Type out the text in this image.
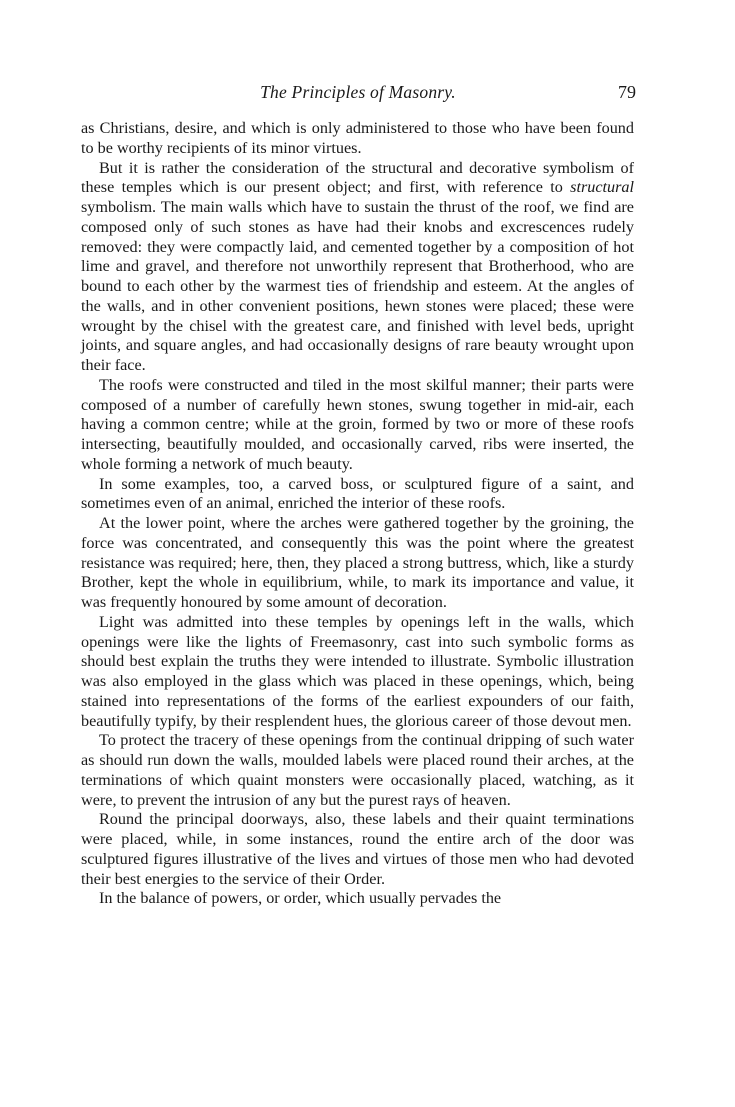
The Principles of Masonry.	79

as Christians, desire, and which is only administered to those who have been found to be worthy recipients of its minor virtues.

But it is rather the consideration of the structural and decorative symbolism of these temples which is our present object; and first, with reference to structural symbolism. The main walls which have to sustain the thrust of the roof, we find are composed only of such stones as have had their knobs and excrescences rudely removed: they were compactly laid, and cemented together by a composition of hot lime and gravel, and therefore not unworthily represent that Brotherhood, who are bound to each other by the warmest ties of friendship and esteem. At the angles of the walls, and in other convenient positions, hewn stones were placed; these were wrought by the chisel with the greatest care, and finished with level beds, upright joints, and square angles, and had occasionally designs of rare beauty wrought upon their face.

The roofs were constructed and tiled in the most skilful manner; their parts were composed of a number of carefully hewn stones, swung together in mid-air, each having a common centre; while at the groin, formed by two or more of these roofs intersecting, beautifully moulded, and occasionally carved, ribs were inserted, the whole forming a network of much beauty.

In some examples, too, a carved boss, or sculptured figure of a saint, and sometimes even of an animal, enriched the interior of these roofs.

At the lower point, where the arches were gathered together by the groining, the force was concentrated, and consequently this was the point where the greatest resistance was required; here, then, they placed a strong buttress, which, like a sturdy Brother, kept the whole in equilibrium, while, to mark its importance and value, it was frequently honoured by some amount of decoration.

Light was admitted into these temples by openings left in the walls, which openings were like the lights of Freemasonry, cast into such symbolic forms as should best explain the truths they were intended to illustrate. Symbolic illustration was also employed in the glass which was placed in these openings, which, being stained into representations of the forms of the earliest expounders of our faith, beautifully typify, by their resplendent hues, the glorious career of those devout men.

To protect the tracery of these openings from the continual dripping of such water as should run down the walls, moulded labels were placed round their arches, at the terminations of which quaint monsters were occasionally placed, watching, as it were, to prevent the intrusion of any but the purest rays of heaven.

Round the principal doorways, also, these labels and their quaint terminations were placed, while, in some instances, round the entire arch of the door was sculptured figures illustrative of the lives and virtues of those men who had devoted their best energies to the service of their Order.

In the balance of powers, or order, which usually pervades the
